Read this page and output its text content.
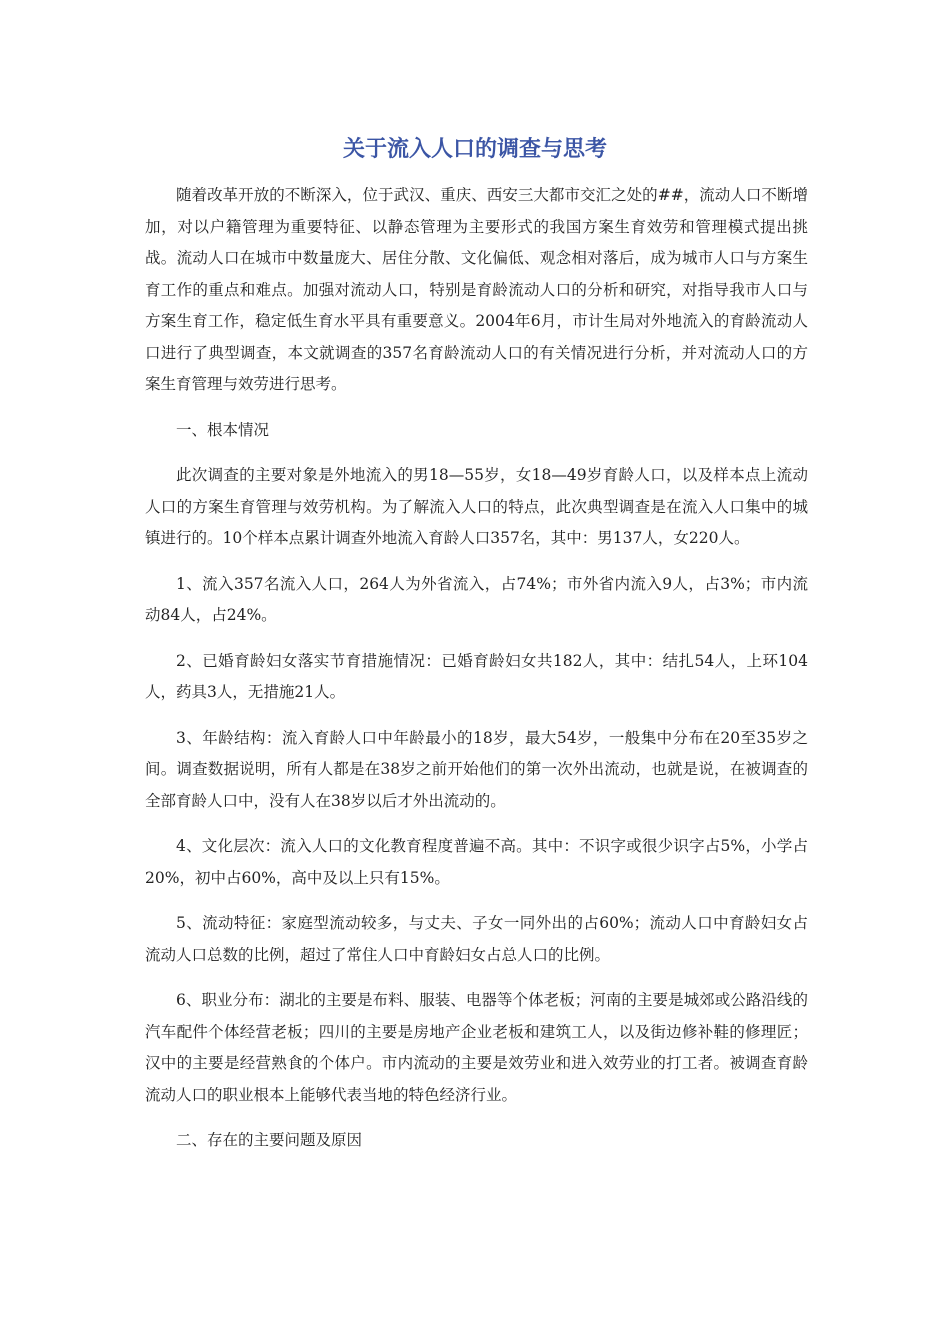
关于流入人口的调查与思考

随着改革开放的不断深入，位于武汉、重庆、西安三大都市交汇之处的##，流动人口不断增加，对以户籍管理为重要特征、以静态管理为主要形式的我国方案生育效劳和管理模式提出挑战。流动人口在城市中数量庞大、居住分散、文化偏低、观念相对落后，成为城市人口与方案生育工作的重点和难点。加强对流动人口，特别是育龄流动人口的分析和研究，对指导我市人口与方案生育工作，稳定低生育水平具有重要意义。2004年6月，市计生局对外地流入的育龄流动人口进行了典型调查，本文就调查的357名育龄流动人口的有关情况进行分析，并对流动人口的方案生育管理与效劳进行思考。

一、根本情况

此次调查的主要对象是外地流入的男18—55岁，女18—49岁育龄人口，以及样本点上流动人口的方案生育管理与效劳机构。为了解流入人口的特点，此次典型调查是在流入人口集中的城镇进行的。10个样本点累计调查外地流入育龄人口357名，其中：男137人，女220人。

1、流入357名流入人口，264人为外省流入，占74%；市外省内流入9人，占3%；市内流动84人，占24%。

2、已婚育龄妇女落实节育措施情况：已婚育龄妇女共182人，其中：结扎54人，上环104人，药具3人，无措施21人。

3、年龄结构：流入育龄人口中年龄最小的18岁，最大54岁，一般集中分布在20至35岁之间。调查数据说明，所有人都是在38岁之前开始他们的第一次外出流动，也就是说，在被调查的全部育龄人口中，没有人在38岁以后才外出流动的。

4、文化层次：流入人口的文化教育程度普遍不高。其中：不识字或很少识字占5%，小学占20%，初中占60%，高中及以上只有15%。

5、流动特征：家庭型流动较多，与丈夫、子女一同外出的占60%；流动人口中育龄妇女占流动人口总数的比例，超过了常住人口中育龄妇女占总人口的比例。

6、职业分布：湖北的主要是布料、服装、电器等个体老板；河南的主要是城郊或公路沿线的汽车配件个体经营老板；四川的主要是房地产企业老板和建筑工人，以及街边修补鞋的修理匠；汉中的主要是经营熟食的个体户。市内流动的主要是效劳业和进入效劳业的打工者。被调查育龄流动人口的职业根本上能够代表当地的特色经济行业。

二、存在的主要问题及原因
